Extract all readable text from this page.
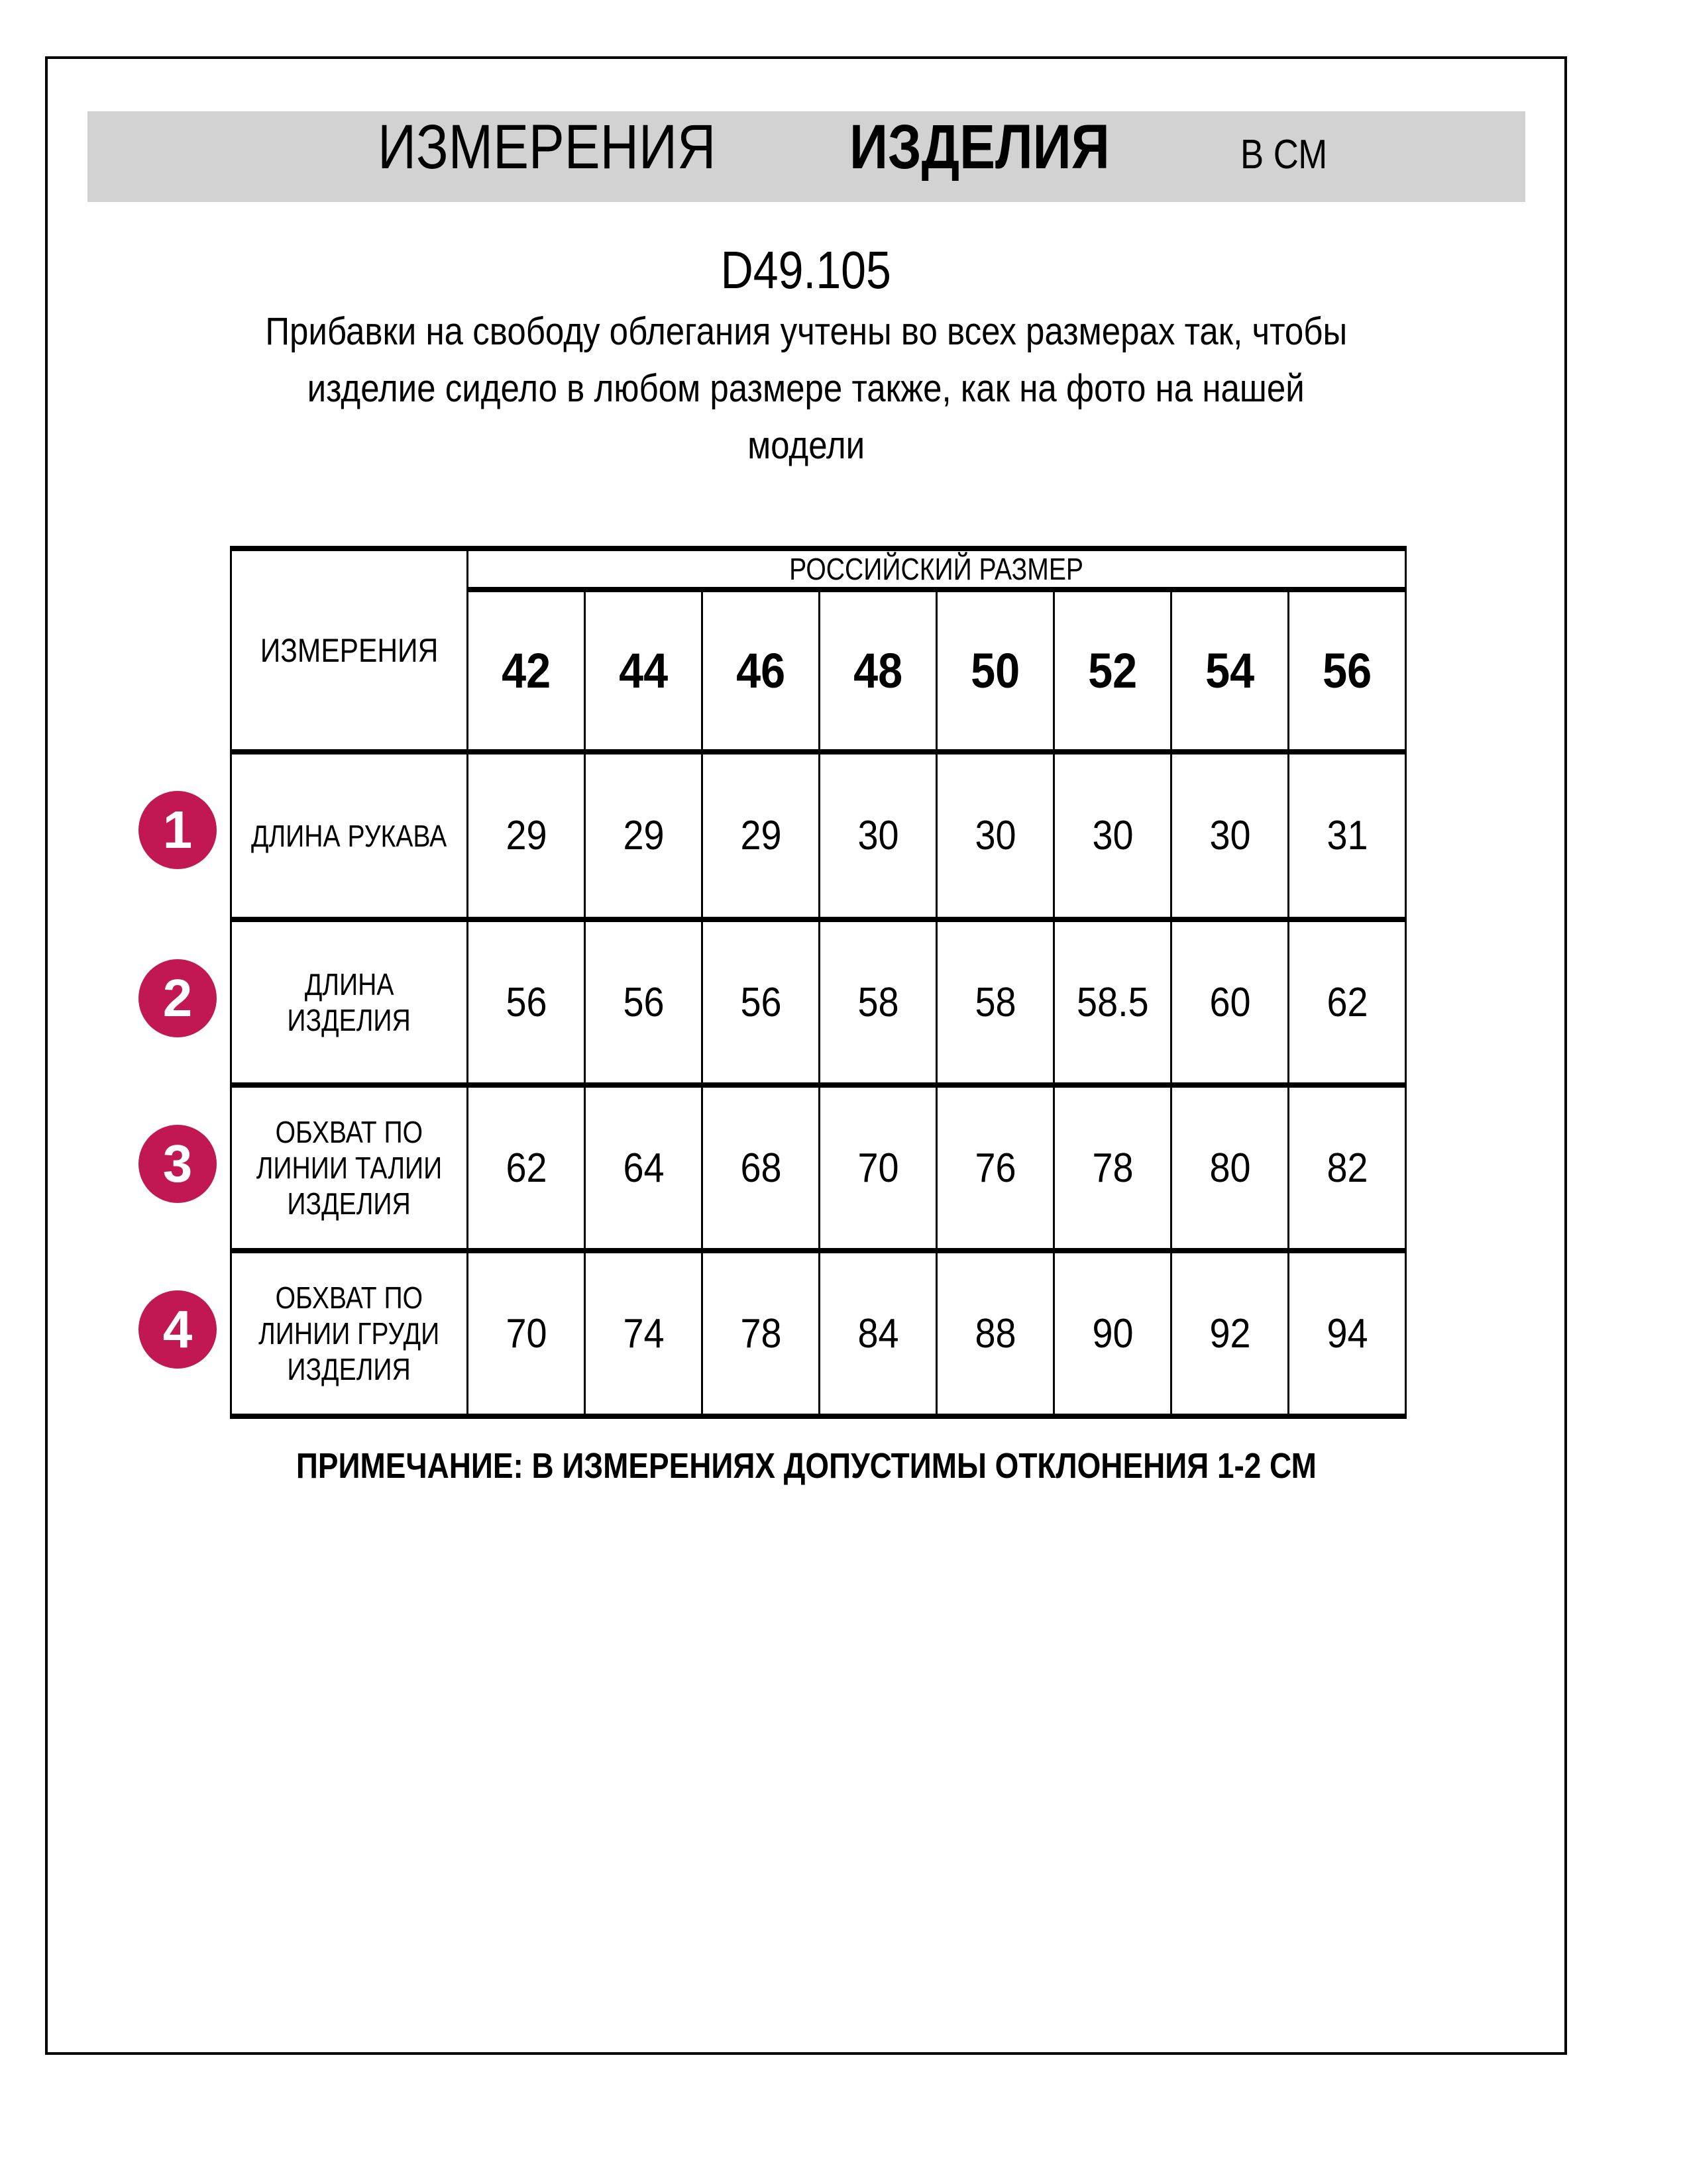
ИЗМЕРЕНИЯ ИЗДЕЛИЯ	В СМ
D49.105
Прибавки на свободу облегания учтены во всех размерах так, чтобы
изделие сидело в любом размере также, как на фото на нашей
модели
ИЗМЕРЕНИЯ	РОССИЙСКИЙ РАЗМЕР							
	42	44	46	48	50	52	54	56

ДЛИНА РУКАВА	29	29	29	30	30	30	30	31

ДЛИНА
ИЗДЕЛИЯ	56	56	56	58	58	58.5	60	62

ОБХВАТ ПО
ЛИНИИ ТАЛИИ
ИЗДЕЛИЯ	62	64	68	70	76	78	80	82

ОБХВАТ ПО
ЛИНИИ ГРУДИ
ИЗДЕЛИЯ	70	74	78	84	88	90	92	94
1
2
3
4
ПРИМЕЧАНИЕ: В ИЗМЕРЕНИЯХ ДОПУСТИМЫ ОТКЛОНЕНИЯ 1-2 СМ
